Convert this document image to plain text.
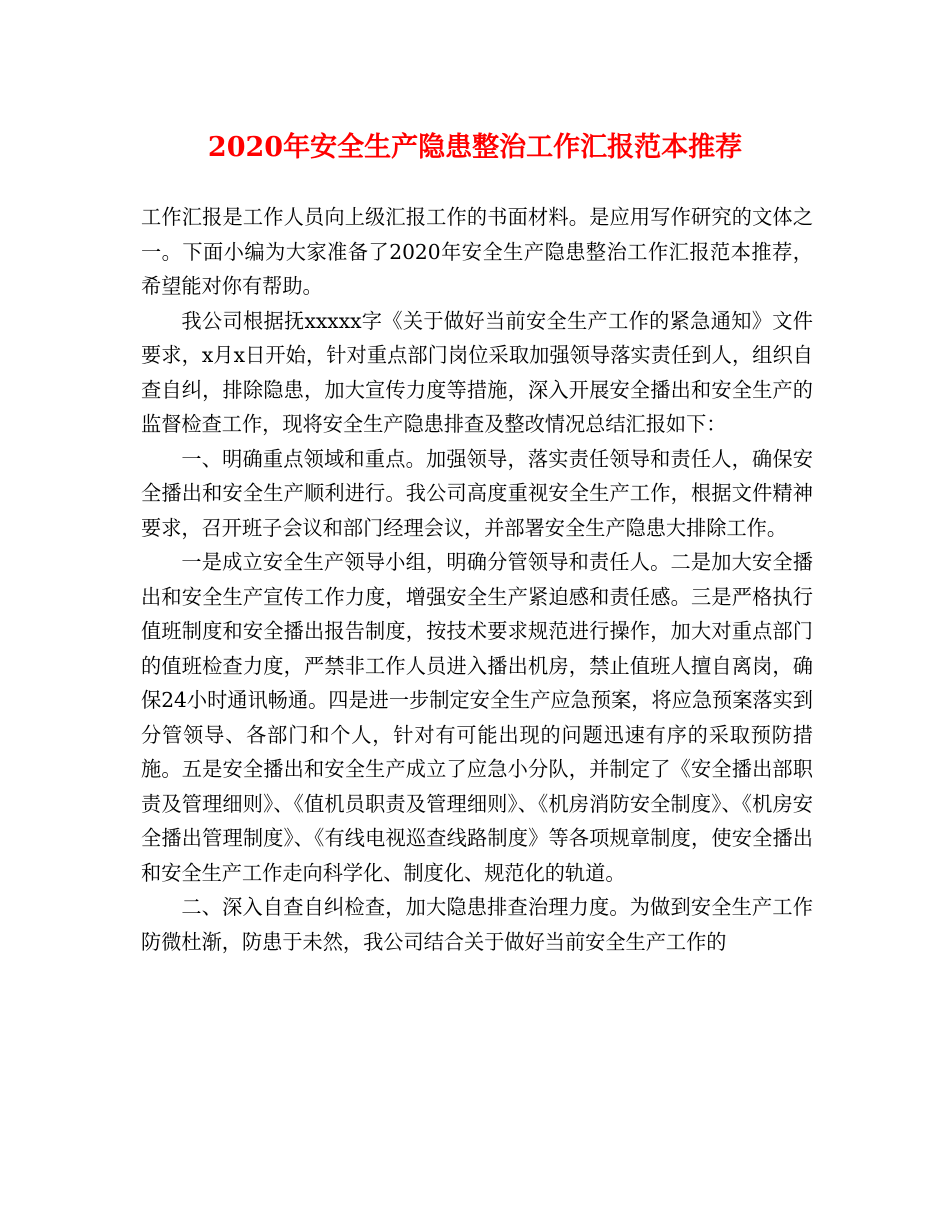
2020年安全生产隐患整治工作汇报范本推荐

工作汇报是工作人员向上级汇报工作的书面材料。是应用写作研究的文体之一。下面小编为大家准备了2020年安全生产隐患整治工作汇报范本推荐，希望能对你有帮助。

我公司根据抚xxxxx字《关于做好当前安全生产工作的紧急通知》文件要求，x月x日开始，针对重点部门岗位采取加强领导落实责任到人，组织自查自纠，排除隐患，加大宣传力度等措施，深入开展安全播出和安全生产的监督检查工作，现将安全生产隐患排查及整改情况总结汇报如下：

一、明确重点领域和重点。加强领导，落实责任领导和责任人，确保安全播出和安全生产顺利进行。我公司高度重视安全生产工作，根据文件精神要求，召开班子会议和部门经理会议，并部署安全生产隐患大排除工作。

一是成立安全生产领导小组，明确分管领导和责任人。二是加大安全播出和安全生产宣传工作力度，增强安全生产紧迫感和责任感。三是严格执行值班制度和安全播出报告制度，按技术要求规范进行操作，加大对重点部门的值班检查力度，严禁非工作人员进入播出机房，禁止值班人擅自离岗，确保24小时通讯畅通。四是进一步制定安全生产应急预案，将应急预案落实到分管领导、各部门和个人，针对有可能出现的问题迅速有序的采取预防措施。五是安全播出和安全生产成立了应急小分队，并制定了《安全播出部职责及管理细则》、《值机员职责及管理细则》、《机房消防安全制度》、《机房安全播出管理制度》、《有线电视巡查线路制度》等各项规章制度，使安全播出和安全生产工作走向科学化、制度化、规范化的轨道。

二、深入自查自纠检查，加大隐患排查治理力度。为做到安全生产工作防微杜渐，防患于未然，我公司结合关于做好当前安全生产工作的
